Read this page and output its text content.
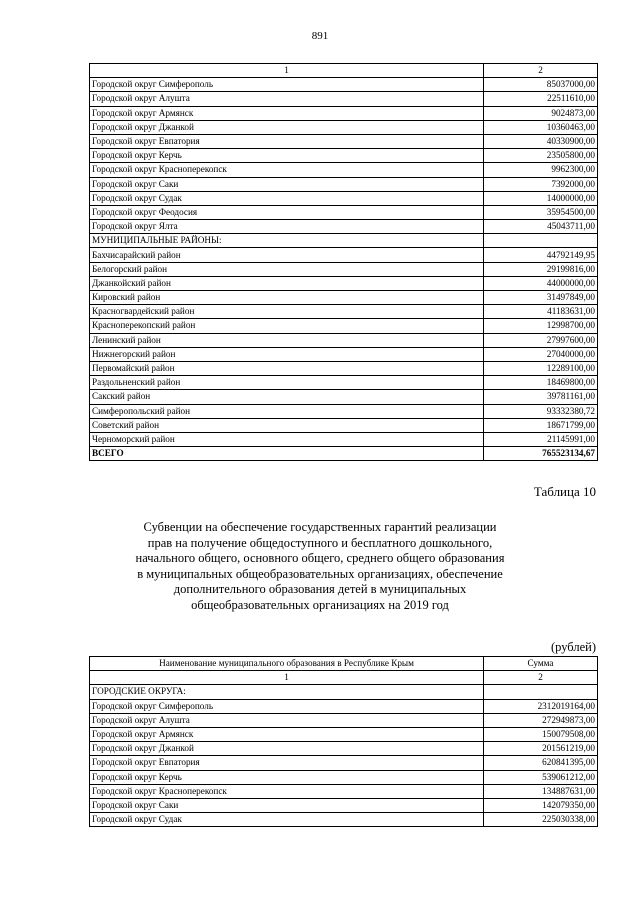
891
1	2
Городской округ Симферополь	85037000,00
Городской округ Алушта	22511610,00
Городской округ Армянск	9024873,00
Городской округ Джанкой	10360463,00
Городской округ Евпатория	40330900,00
Городской округ Керчь	23505800,00
Городской округ Красноперекопск	9962300,00
Городской округ Саки	7392000,00
Городской округ Судак	14000000,00
Городской округ Феодосия	35954500,00
Городской округ Ялта	45043711,00
МУНИЦИПАЛЬНЫЕ РАЙОНЫ:	
Бахчисарайский район	44792149,95
Белогорский район	29199816,00
Джанкойский район	44000000,00
Кировский район	31497849,00
Красногвардейский район	41183631,00
Красноперекопский район	12998700,00
Ленинский район	27997600,00
Нижнегорский район	27040000,00
Первомайский район	12289100,00
Раздольненский район	18469800,00
Сакский район	39781161,00
Симферопольский район	93332380,72
Советский район	18671799,00
Черноморский район	21145991,00
ВСЕГО	765523134,67
Таблица 10
Субвенции на обеспечение государственных гарантий реализации
прав на получение общедоступного и бесплатного дошкольного,
начального общего, основного общего, среднего общего образования
в муниципальных общеобразовательных организациях, обеспечение
дополнительного образования детей в муниципальных
общеобразовательных организациях на 2019 год
(рублей)
Наименование муниципального образования в Республике Крым	Сумма
1	2
ГОРОДСКИЕ ОКРУГА:	
Городской округ Симферополь	2312019164,00
Городской округ Алушта	272949873,00
Городской округ Армянск	150079508,00
Городской округ Джанкой	201561219,00
Городской округ Евпатория	620841395,00
Городской округ Керчь	539061212,00
Городской округ Красноперекопск	134887631,00
Городской округ Саки	142079350,00
Городской округ Судак	225030338,00
